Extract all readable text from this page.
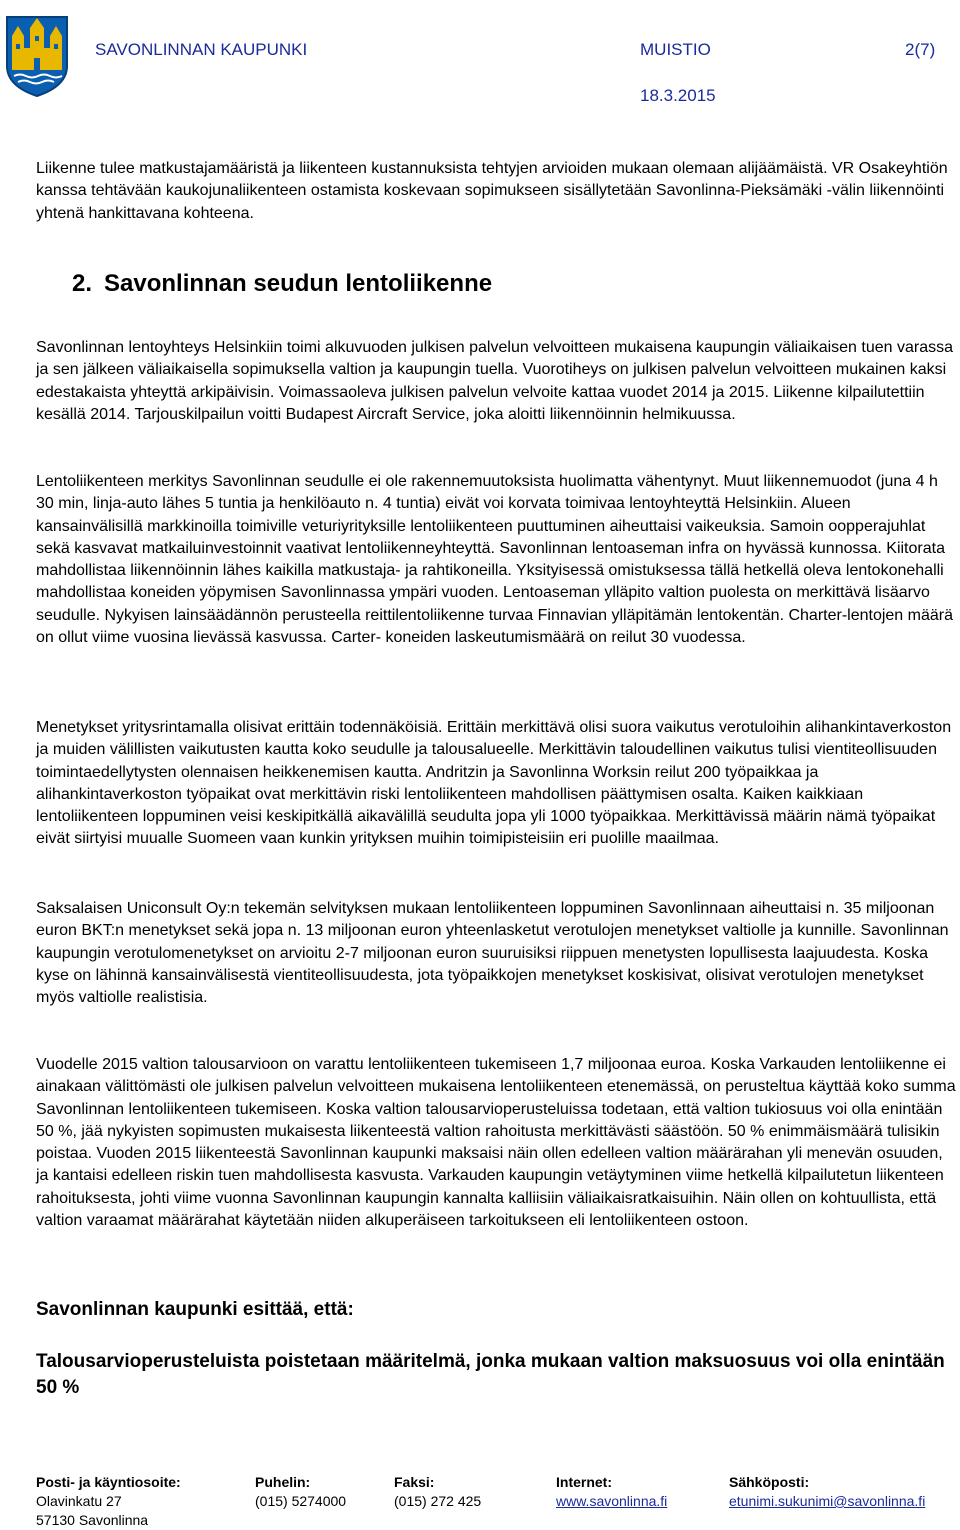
SAVONLINNAN KAUPUNKI	MUISTIO	2(7)
18.3.2015
Liikenne tulee matkustajamääristä ja liikenteen kustannuksista tehtyjen arvioiden mukaan olemaan alijäämäistä. VR Osakeyhtiön kanssa tehtävään kaukojunaliikenteen ostamista koskevaan sopimukseen sisällytetään Savonlinna-Pieksämäki -välin liikennöinti yhtenä hankittavana kohteena.
2. Savonlinnan seudun lentoliikenne
Savonlinnan lentoyhteys Helsinkiin toimi alkuvuoden julkisen palvelun velvoitteen mukaisena kaupungin väliaikaisen tuen varassa ja sen jälkeen väliaikaisella sopimuksella valtion ja kaupungin tuella. Vuorotiheys on julkisen palvelun velvoitteen mukainen kaksi edestakaista yhteyttä arkipäivisin. Voimassaoleva julkisen palvelun velvoite kattaa vuodet 2014 ja 2015. Liikenne kilpailutettiin kesällä 2014. Tarjouskilpailun voitti Budapest Aircraft Service, joka aloitti liikennöinnin helmikuussa.
Lentoliikenteen merkitys Savonlinnan seudulle ei ole rakennemuutoksista huolimatta vähentynyt. Muut liikennemuodot (juna 4 h 30 min, linja-auto lähes 5 tuntia ja henkilöauto n. 4 tuntia) eivät voi korvata toimivaa lentoyhteyttä Helsinkiin. Alueen kansainvälisillä markkinoilla toimiville veturiyrityksille lentoliikenteen puuttuminen aiheuttaisi vaikeuksia. Samoin oopperajuhlat sekä kasvavat matkailuinvestoinnit vaativat lentoliikenneyhteyttä. Savonlinnan lentoaseman infra on hyvässä kunnossa. Kiitorata mahdollistaa liikennöinnin lähes kaikilla matkustaja- ja rahtikoneilla. Yksityisessä omistuksessa tällä hetkellä oleva lentokonehalli mahdollistaa koneiden yöpymisen Savonlinnassa ympäri vuoden. Lentoaseman ylläpito valtion puolesta on merkittävä lisäarvo seudulle. Nykyisen lainsäädännön perusteella reittilentoliikenne turvaa Finnavian ylläpitämän lentokentän. Charter-lentojen määrä on ollut viime vuosina lievässä kasvussa. Carter- koneiden laskeutumismäärä on reilut 30 vuodessa.
Menetykset yritysrintamalla olisivat erittäin todennäköisiä. Erittäin merkittävä olisi suora vaikutus verotuloihin alihankintaverkoston ja muiden välillisten vaikutusten kautta koko seudulle ja talousalueelle. Merkittävin taloudellinen vaikutus tulisi vientiteollisuuden toimintaedellytysten olennaisen heikkenemisen kautta. Andritzin ja Savonlinna Worksin reilut 200 työpaikkaa ja alihankintaverkoston työpaikat ovat merkittävin riski lentoliikenteen mahdollisen päättymisen osalta. Kaiken kaikkiaan lentoliikenteen loppuminen veisi keskipitkällä aikavälillä seudulta jopa yli 1000 työpaikkaa. Merkittävissä määrin nämä työpaikat eivät siirtyisi muualle Suomeen vaan kunkin yrityksen muihin toimipisteisiin eri puolille maailmaa.
Saksalaisen Uniconsult Oy:n tekemän selvityksen mukaan lentoliikenteen loppuminen Savonlinnaan aiheuttaisi n. 35 miljoonan euron BKT:n menetykset sekä jopa n. 13 miljoonan euron yhteenlasketut verotulojen menetykset valtiolle ja kunnille. Savonlinnan kaupungin verotulomenetykset on arvioitu 2-7 miljoonan euron suuruisiksi riippuen menetysten lopullisesta laajuudesta. Koska kyse on lähinnä kansainvälisestä vientiteollisuudesta, jota työpaikkojen menetykset koskisivat, olisivat verotulojen menetykset myös valtiolle realistisia.
Vuodelle 2015 valtion talousarvioon on varattu lentoliikenteen tukemiseen 1,7 miljoonaa euroa. Koska Varkauden lentoliikenne ei ainakaan välittömästi ole julkisen palvelun velvoitteen mukaisena lentoliikenteen etenemässä, on perusteltua käyttää koko summa Savonlinnan lentoliikenteen tukemiseen. Koska valtion talousarvioperusteluissa todetaan, että valtion tukiosuus voi olla enintään 50 %, jää nykyisten sopimusten mukaisesta liikenteestä valtion rahoitusta merkittävästi säästöön. 50 % enimmäismäärä tulisikin poistaa. Vuoden 2015 liikenteestä Savonlinnan kaupunki maksaisi näin ollen edelleen valtion määrärahan yli menevän osuuden, ja kantaisi edelleen riskin tuen mahdollisesta kasvusta. Varkauden kaupungin vetäytyminen viime hetkellä kilpailutetun liikenteen rahoituksesta, johti viime vuonna Savonlinnan kaupungin kannalta kalliisiin väliaikaisratkaisuihin. Näin ollen on kohtuullista, että valtion varaamat määrärahat käytetään niiden alkuperäiseen tarkoitukseen eli lentoliikenteen ostoon.
Savonlinnan kaupunki esittää, että:
Talousarvioperusteluista poistetaan määritelmä, jonka mukaan valtion maksuosuus voi olla enintään 50 %
Posti- ja käyntiosoite:
Olavinkatu 27
57130 Savonlinna
Puhelin:
(015) 5274000
Faksi:
(015) 272 425
Internet:
www.savonlinna.fi
Sähköposti:
etunimi.sukunimi@savonlinna.fi
